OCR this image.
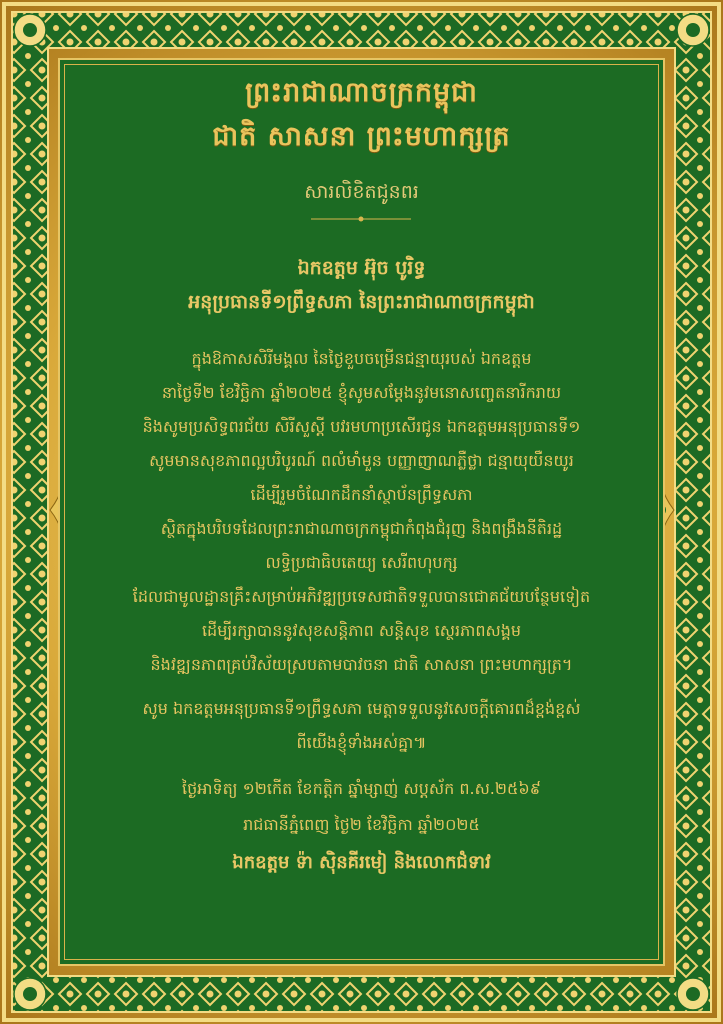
ព្រះរាជាណាចក្រកម្ពុជា
ជាតិ សាសនា ព្រះមហាក្សត្រ
សារលិខិតជូនពរ
ឯកឧត្តម អ៊ុច បូរិទ្ធ
អនុប្រធានទី១ព្រឹទ្ធសភា នៃព្រះរាជាណាចក្រកម្ពុជា
ក្នុងឱកាសសិរីមង្គល នៃថ្ងៃខួបចម្រើនជន្មាយុរបស់ ឯកឧត្តម
នាថ្ងៃទី២ ខែវិច្ឆិកា ឆ្នាំ២០២៥ ខ្ញុំសូមសម្តែងនូវមនោសញ្ចេតនារីករាយ
និងសូមប្រសិទ្ធពរជ័យ សិរីសួស្តី បវរមហាប្រសើរជូន ឯកឧត្តមអនុប្រធានទី១
សូមមានសុខភាពល្អបរិបូរណ៍ ពលំមាំមួន បញ្ញាញាណភ្លឺថ្លា ជន្មាយុយឺនយូរ
ដើម្បីរួមចំណែកដឹកនាំស្ថាប័នព្រឹទ្ធសភា
ស្ថិតក្នុងបរិបទដែលព្រះរាជាណាចក្រកម្ពុជាកំពុងជំរុញ និងពង្រឹងនីតិរដ្ឋ
លទ្ធិប្រជាធិបតេយ្យ សេរីពហុបក្ស
ដែលជាមូលដ្ឋានគ្រឹះសម្រាប់អភិវឌ្ឍប្រទេសជាតិទទួលបានជោគជ័យបន្ថែមទៀត
ដើម្បីរក្សាបាននូវសុខសន្តិភាព សន្តិសុខ ស្ថេរភាពសង្គម
និងវឌ្ឍនភាពគ្រប់វិស័យស្របតាមបាវចនា ជាតិ សាសនា ព្រះមហាក្សត្រ។
សូម ឯកឧត្តមអនុប្រធានទី១ព្រឹទ្ធសភា មេត្តាទទួលនូវសេចក្តីគោរពដ៏ខ្ពង់ខ្ពស់
ពីយើងខ្ញុំទាំងអស់គ្នា៕
ថ្ងៃអាទិត្យ ១២កើត ខែកត្តិក ឆ្នាំម្សាញ់ សប្តស័ក ព.ស.២៥៦៩
រាជធានីភ្នំពេញ ថ្ងៃ២ ខែវិច្ឆិកា ឆ្នាំ២០២៥
ឯកឧត្តម ទ៉ា ស៊ិនគីរមៀ និងលោកជំទាវ
